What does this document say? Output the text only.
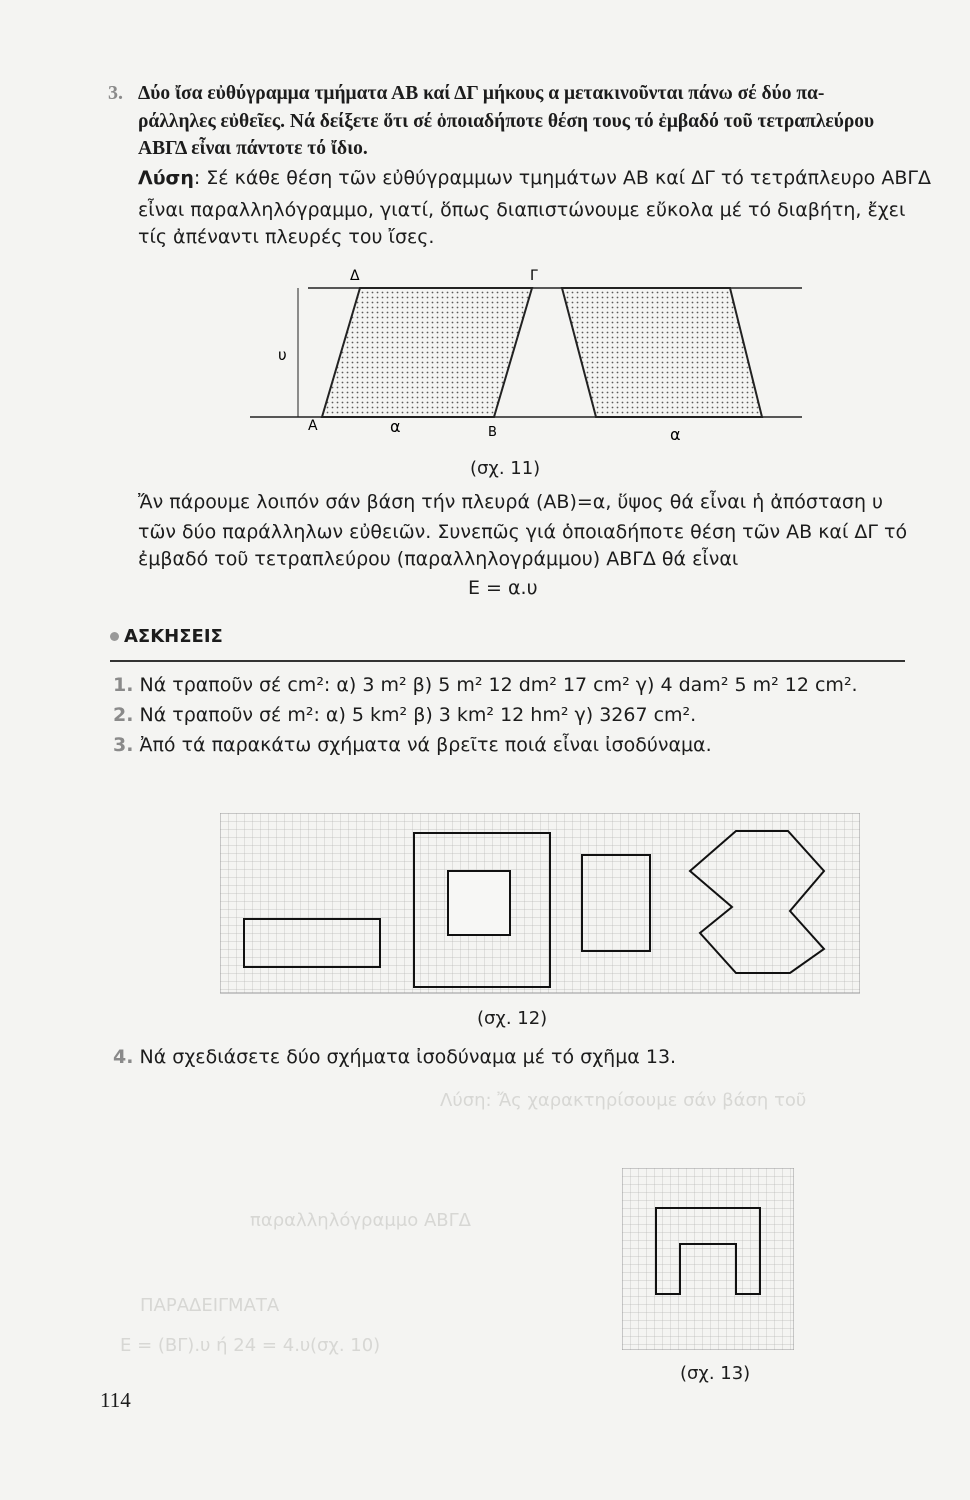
παραλληλόγραμμο ΑΒΓΔ
Λύση: Ἄς χαρακτηρίσουμε σάν βάση τοῦ
Ε = (ΒΓ).υ ή 24 = 4.υ (σχ. 10)
ΠΑΡΑΔΕΙΓΜΑΤΑ
3. Δύο ἴσα εὐθύγραμμα τμήματα ΑΒ καί ΔΓ μήκους α μετακινοῦνται πάνω σέ δύο πα-

ράλληλες εὐθεῖες. Νά δείξετε ὅτι σέ ὁποιαδήποτε θέση τους τό ἐμβαδό τοῦ τετραπλεύρου

ΑΒΓΔ εἶναι πάντοτε τό ἴδιο.

Λύση: Σέ κάθε θέση τῶν εὐθύγραμμων τμημάτων ΑΒ καί ΔΓ τό τετράπλευρο ΑΒΓΔ

εἶναι παραλληλόγραμμο, γιατί, ὅπως διαπιστώνουμε εὔκολα μέ τό διαβήτη, ἔχει

τίς ἀπέναντι πλευρές του ἴσες.

Δ	Γ
Α	Β
υ
α	α
(σχ. 11)

Ἄν πάρουμε λοιπόν σάν βάση τήν πλευρά (ΑΒ)=α, ὕψος θά εἶναι ἡ ἀπόσταση υ

τῶν δύο παράλληλων εὐθειῶν. Συνεπῶς γιά ὁποιαδήποτε θέση τῶν ΑΒ καί ΔΓ τό

ἐμβαδό τοῦ τετραπλεύρου (παραλληλογράμμου) ΑΒΓΔ θά εἶναι

Ε = α.υ
ΑΣΚΗΣΕΙΣ

1. Νά τραποῦν σέ cm²: α) 3 m² β) 5 m² 12 dm² 17 cm² γ) 4 dam² 5 m² 12 cm².

2. Νά τραποῦν σέ m²: α) 5 km² β) 3 km² 12 hm² γ) 3267 cm².

3. Ἀπό τά παρακάτω σχήματα νά βρεῖτε ποιά εἶναι ἰσοδύναμα.

(σχ. 12)

4. Νά σχεδιάσετε δύο σχήματα ἰσοδύναμα μέ τό σχῆμα 13.

(σχ. 13)
114
